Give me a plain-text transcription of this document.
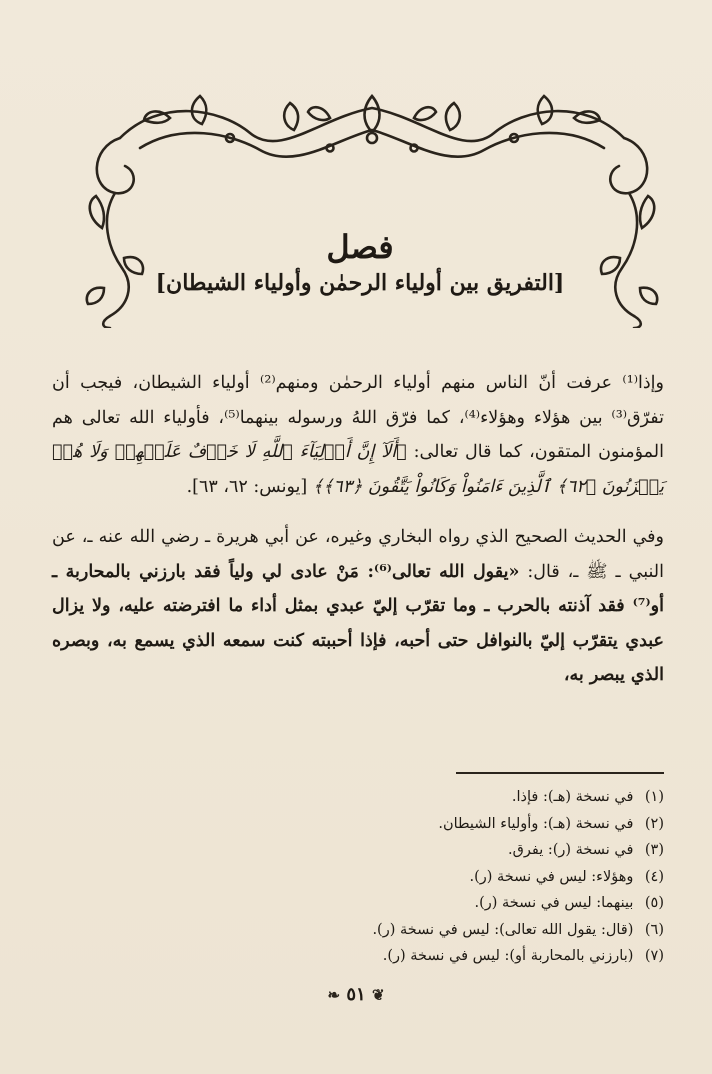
فصل

[التفريق بين أولياء الرحمٰن وأولياء الشيطان]

وإذا⁽¹⁾ عرفت أنّ الناس منهم أولياء الرحمٰن ومنهم⁽²⁾ أولياء الشيطان، فيجب أن تفرّق⁽³⁾ بين هؤلاء وهؤلاء⁽⁴⁾، كما فرّق اللهُ ورسوله بينهما⁽⁵⁾، فأولياء الله تعالى هم المؤمنون المتقون، كما قال تعالى: ﴿أَلَآ إِنَّ أَوۡلِيَآءَ ٱللَّهِ لَا خَوۡفٌ عَلَيۡهِمۡ وَلَا هُمۡ يَحۡزَنُونَ ﴿٦٢﴾ ٱلَّذِينَ ءَامَنُواْ وَكَانُواْ يَتَّقُونَ ﴿٦٣﴾﴾ [يونس: ٦٢، ٦٣].

وفي الحديث الصحيح الذي رواه البخاري وغيره، عن أبي هريرة ـ رضي الله عنه ـ، عن النبي ـ ﷺ ـ، قال: «يقول الله تعالى⁽⁶⁾: مَنْ عادى لي ولياً فقد بارزني بالمحاربة ـ أو⁽⁷⁾ فقد آذنته بالحرب ـ وما تقرّب إليّ عبدي بمثل أداء ما افترضته عليه، ولا يزال عبدي يتقرّب إليّ بالنوافل حتى أحبه، فإذا أحببته كنت سمعه الذي يسمع به، وبصره الذي يبصر به،

(١) في نسخة (هـ): فإذا.
(٢) في نسخة (هـ): وأولياء الشيطان.
(٣) في نسخة (ر): يفرق.
(٤) وهؤلاء: ليس في نسخة (ر).
(٥) بينهما: ليس في نسخة (ر).
(٦) (قال: يقول الله تعالى): ليس في نسخة (ر).
(٧) (بارزني بالمحاربة أو): ليس في نسخة (ر).
❦ ٥١ ❧
